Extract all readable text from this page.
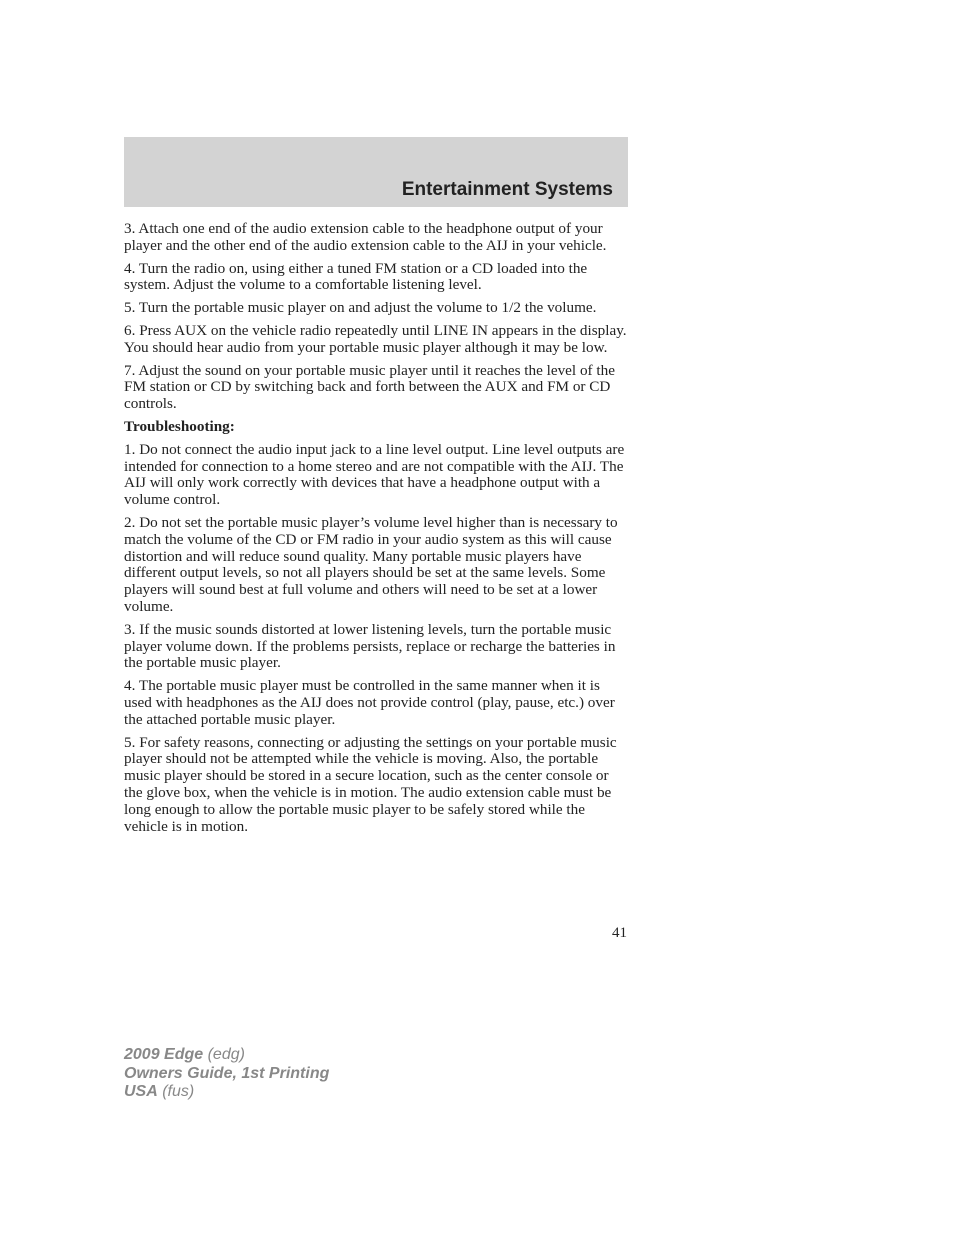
Entertainment Systems

3. Attach one end of the audio extension cable to the headphone output of your player and the other end of the audio extension cable to the AIJ in your vehicle.

4. Turn the radio on, using either a tuned FM station or a CD loaded into the system. Adjust the volume to a comfortable listening level.

5. Turn the portable music player on and adjust the volume to 1/2 the volume.

6. Press AUX on the vehicle radio repeatedly until LINE IN appears in the display.

You should hear audio from your portable music player although it may be low.

7. Adjust the sound on your portable music player until it reaches the level of the FM station or CD by switching back and forth between the AUX and FM or CD controls.

Troubleshooting:

1. Do not connect the audio input jack to a line level output. Line level outputs are intended for connection to a home stereo and are not compatible with the AIJ. The AIJ will only work correctly with devices that have a headphone output with a volume control.

2. Do not set the portable music player’s volume level higher than is necessary to match the volume of the CD or FM radio in your audio system as this will cause distortion and will reduce sound quality. Many portable music players have different output levels, so not all players should be set at the same levels. Some players will sound best at full volume and others will need to be set at a lower volume.

3. If the music sounds distorted at lower listening levels, turn the portable music player volume down. If the problems persists, replace or recharge the batteries in the portable music player.

4. The portable music player must be controlled in the same manner when it is used with headphones as the AIJ does not provide control (play, pause, etc.) over the attached portable music player.

5. For safety reasons, connecting or adjusting the settings on your portable music player should not be attempted while the vehicle is moving. Also, the portable music player should be stored in a secure location, such as the center console or the glove box, when the vehicle is in motion. The audio extension cable must be long enough to allow the portable music player to be safely stored while the vehicle is in motion.

41
2009 Edge (edg)
Owners Guide, 1st Printing
USA (fus)
